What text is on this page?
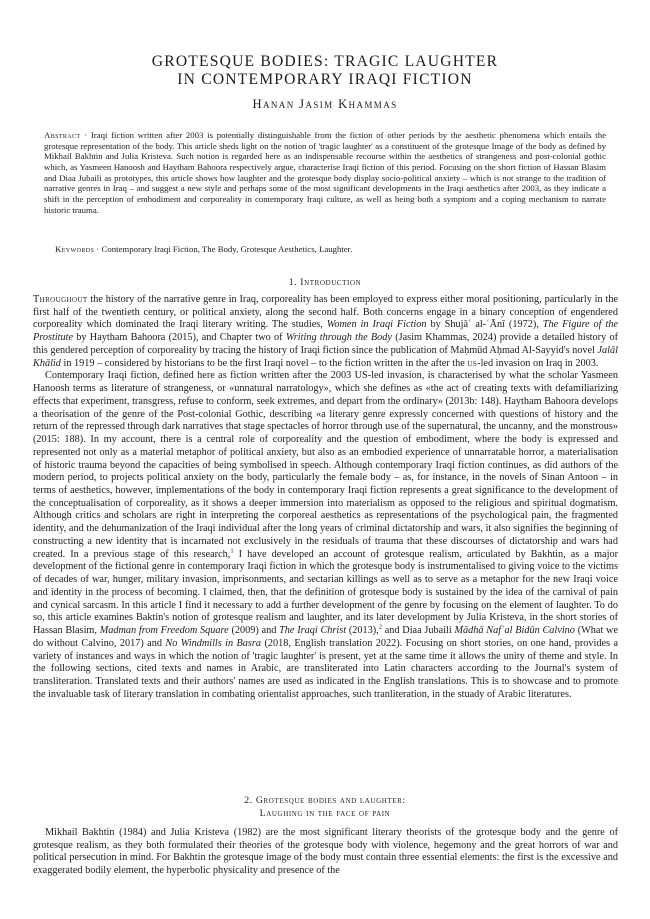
GROTESQUE BODIES: TRAGIC LAUGHTER
IN CONTEMPORARY IRAQI FICTION
Hanan Jasim Khammas

Abstract · Iraqi fiction written after 2003 is potentially distinguishable from the fiction of other periods by the aesthetic phenomena which entails the grotesque representation of the body. This article sheds light on the notion of 'tragic laughter' as a constituent of the grotesque Image of the body as defined by Mikhail Bakhtin and Julia Kristeva. Such notion is regarded here as an indispensable recourse within the aesthetics of strangeness and post-colonial gothic which, as Yasmeen Hanoosh and Haytham Bahoora respectively argue, characterise Iraqi fiction of this period. Focusing on the short fiction of Hassan Blasim and Diaa Jubaili as prototypes, this article shows how laughter and the grotesque body display socio-political anxiety – which is not strange to the tradition of narrative genres in Iraq – and suggest a new style and perhaps some of the most significant developments in the Iraqi aesthetics after 2003, as they indicate a shift in the perception of embodiment and corporeality in contemporary Iraqi culture, as well as being both a symptom and a coping mechanism to narrate historic trauma.

Keywords · Contemporary Iraqi Fiction, The Body, Grotesque Aesthetics, Laughter.

1. Introduction

Throughout the history of the narrative genre in Iraq, corporeality has been employed to express either moral positioning, particularly in the first half of the twentieth century, or political anxiety, along the second half. Both concerns engage in a binary conception of engendered corporeality which dominated the Iraqi literary writing. The studies, Women in Iraqi Fiction by Shujāʿ al-ʿĀnī (1972), The Figure of the Prostitute by Haytham Bahoora (2015), and Chapter two of Writing through the Body (Jasim Khammas, 2024) provide a detailed history of this gendered perception of corporeality by tracing the history of Iraqi fiction since the publication of Maḥmūd Aḥmad Al-Sayyid's novel Jalāl Khālid in 1919 – considered by historians to be the first Iraqi novel – to the fiction written in the after the us-led invasion on Iraq in 2003.

Contemporary Iraqi fiction, defined here as fiction written after the 2003 US-led invasion, is characterised by what the scholar Yasmeen Hanoosh terms as literature of strangeness, or «unnatural narratology», which she defines as «the act of creating texts with defamiliarizing effects that experiment, transgress, refuse to conform, seek extremes, and depart from the ordinary» (2013b: 148). Haytham Bahoora develops a theorisation of the genre of the Post-colonial Gothic, describing «a literary genre expressly concerned with questions of history and the return of the repressed through dark narratives that stage spectacles of horror through use of the supernatural, the uncanny, and the monstrous» (2015: 188). In my account, there is a central role of corporeality and the question of embodiment, where the body is expressed and represented not only as a material metaphor of political anxiety, but also as an embodied experience of unnarratable horror, a materialisation of historic trauma beyond the capacities of being symbolised in speech. Although contemporary Iraqi fiction continues, as did authors of the modern period, to projects political anxiety on the body, particularly the female body – as, for instance, in the novels of Sinan Antoon – in terms of aesthetics, however, implementations of the body in contemporary Iraqi fiction represents a great significance to the development of the conceptualisation of corporeality, as it shows a deeper immersion into materialism as opposed to the religious and spiritual dogmatism. Although critics and scholars are right in interpreting the corporeal aesthetics as representations of the psychological pain, the fragmented identity, and the dehumanization of the Iraqi individual after the long years of criminal dictatorship and wars, it also signifies the beginning of constructing a new identity that is incarnated not exclusively in the residuals of trauma that these discourses of dictatorship and wars had created. In a previous stage of this research,$^1$ I have developed an account of grotesque realism, articulated by Bakhtin, as a major development of the fictional genre in contemporary Iraqi fiction in which the grotesque body is instrumentalised to giving voice to the victims of decades of war, hunger, military invasion, imprisonments, and sectarian killings as well as to serve as a metaphor for the new Iraqi voice and identity in the process of becoming. I claimed, then, that the definition of grotesque body is sustained by the idea of the carnival of pain and cynical sarcasm. In this article I find it necessary to add a further development of the genre by focusing on the element of laughter. To do so, this article examines Baktin's notion of grotesque realism and laughter, and its later development by Julia Kristeva, in the short stories of Hassan Blasim, Madman from Freedom Square (2009) and The Iraqi Christ (2013),$^2$ and Diaa Jubaili Mādhā Nafʿal Bidūn Calvino (What we do without Calvino, 2017) and No Windmills in Basra (2018, English translation 2022). Focusing on short stories, on one hand, provides a variety of instances and ways in which the notion of 'tragic laughter' is present, yet at the same time it allows the unity of theme and style. In the following sections, cited texts and names in Arabic, are transliterated into Latin characters according to the Journal's system of transliteration. Translated texts and their authors' names are used as indicated in the English translations. This is to showcase and to promote the invaluable task of literary translation in combating orientalist approaches, such tranliteration, in the stuady of Arabic literatures.

2. Grotesque bodies and laughter:
Laughing in the face of pain

Mikhail Bakhtin (1984) and Julia Kristeva (1982) are the most significant literary theorists of the grotesque body and the genre of grotesque realism, as they both formulated their theories of the grotesque body with violence, hegemony and the great horrors of war and political persecution in mind. For Bakhtin the grotesque image of the body must contain three essential elements: the first is the excessive and exaggerated bodily element, the hyperbolic physicality and presence of the
